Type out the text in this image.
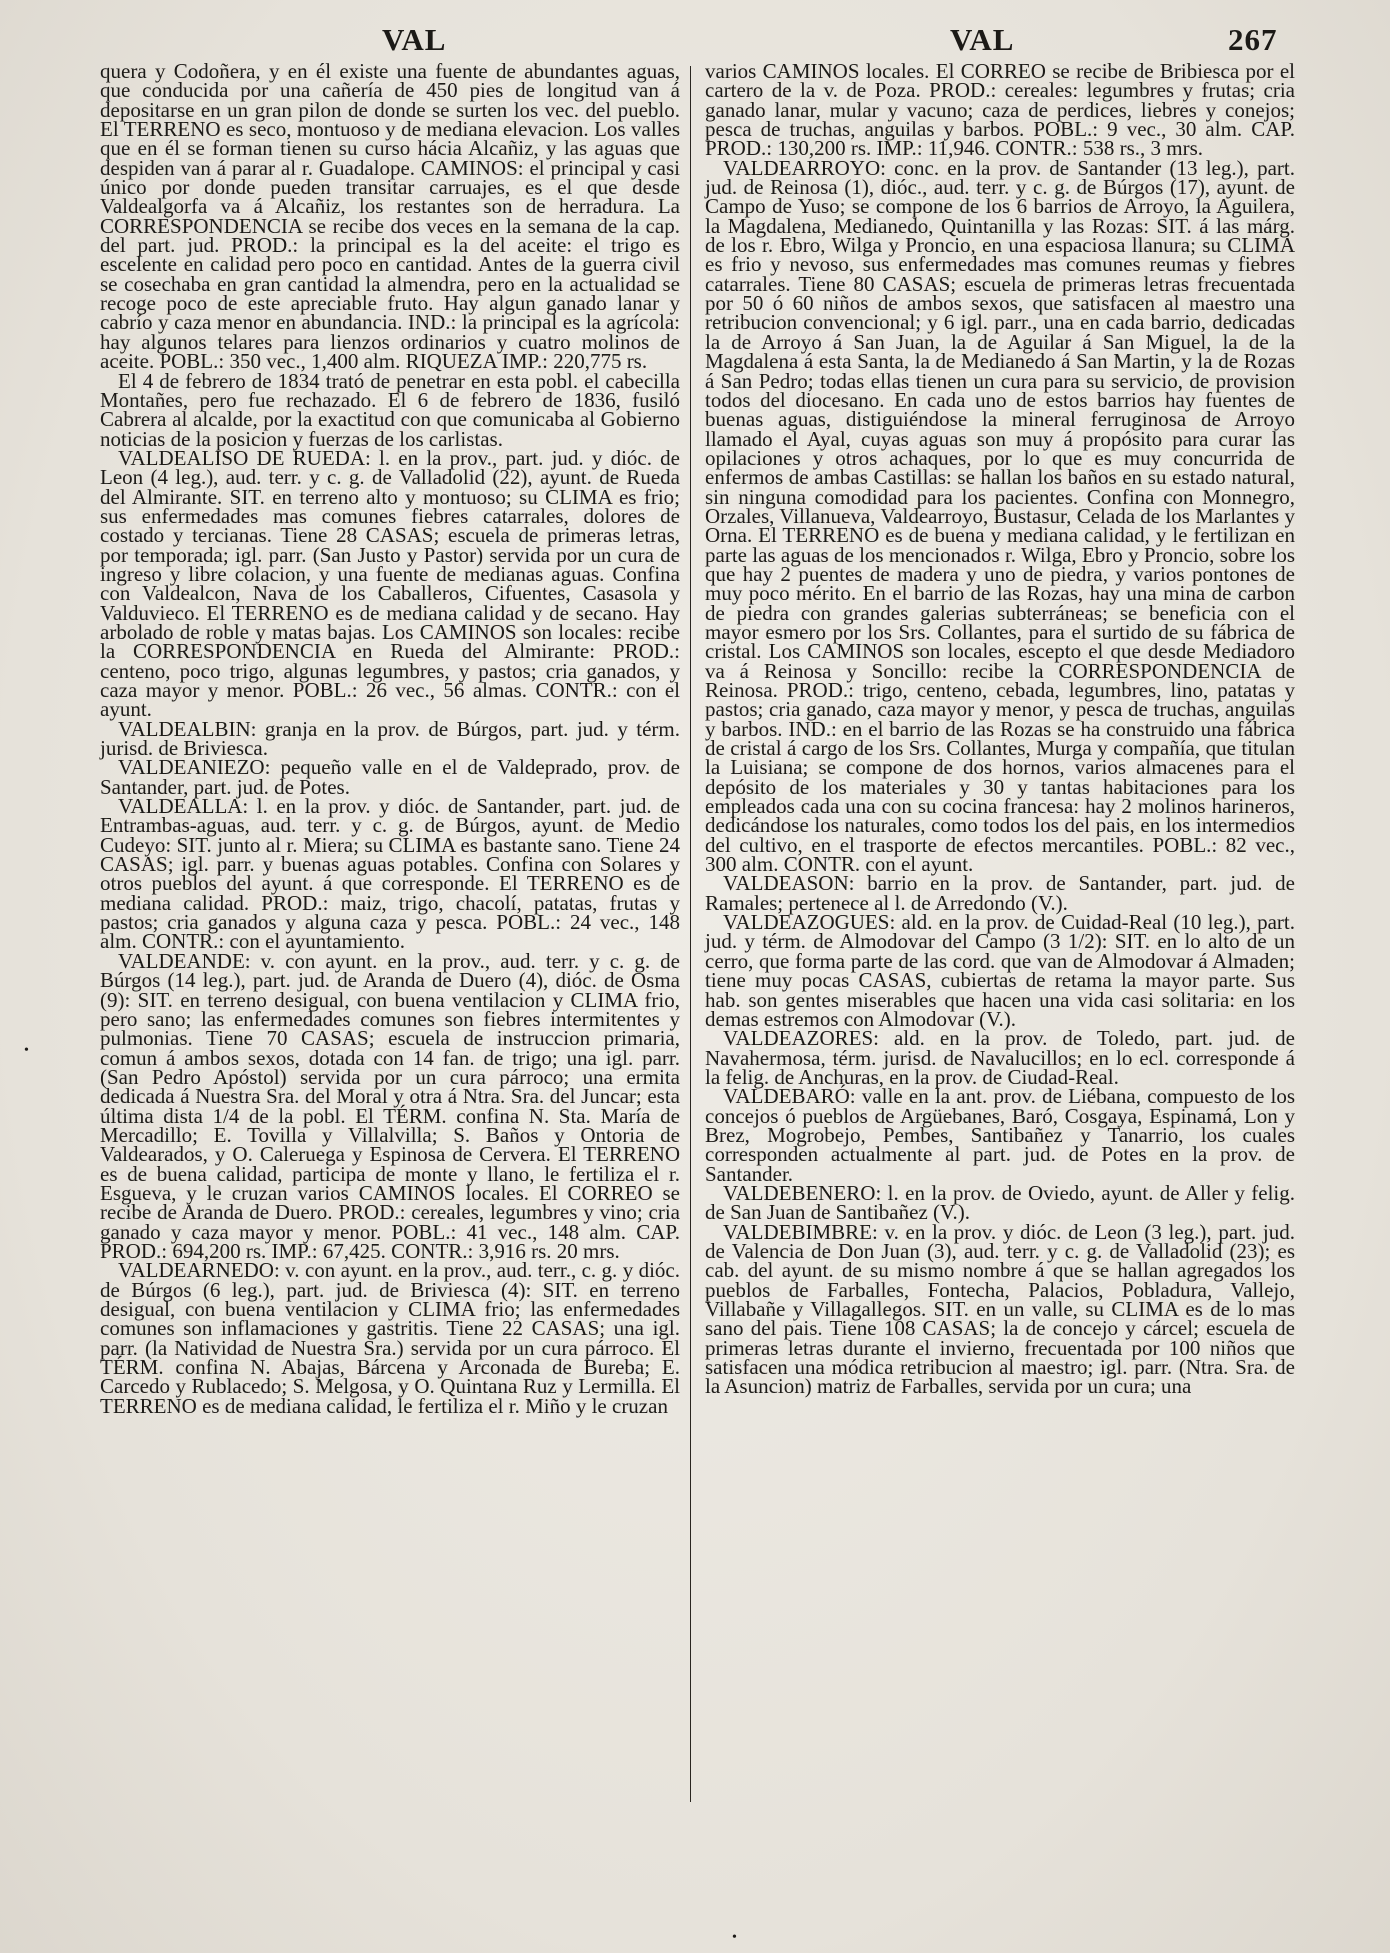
VAL	VAL	267

quera y Codoñera, y en él existe una fuente de abundantes aguas, que conducida por una cañería de 450 pies de longitud van á depositarse en un gran pilon de donde se surten los vec. del pueblo. El TERRENO es seco, montuoso y de mediana elevacion. Los valles que en él se forman tienen su curso hácia Alcañiz, y las aguas que despiden van á parar al r. Guadalope. CAMINOS: el principal y casi único por donde pueden transitar carruajes, es el que desde Valdealgorfa va á Alcañiz, los restantes son de herradura. La CORRESPONDENCIA se recibe dos veces en la semana de la cap. del part. jud. PROD.: la principal es la del aceite: el trigo es escelente en calidad pero poco en cantidad. Antes de la guerra civil se cosechaba en gran cantidad la almendra, pero en la actualidad se recoge poco de este apreciable fruto. Hay algun ganado lanar y cabrío y caza menor en abundancia. IND.: la principal es la agrícola: hay algunos telares para lienzos ordinarios y cuatro molinos de aceite. POBL.: 350 vec., 1,400 alm. RIQUEZA IMP.: 220,775 rs.

El 4 de febrero de 1834 trató de penetrar en esta pobl. el cabecilla Montañes, pero fue rechazado. El 6 de febrero de 1836, fusiló Cabrera al alcalde, por la exactitud con que comunicaba al Gobierno noticias de la posicion y fuerzas de los carlistas.

VALDEALISO DE RUEDA: l. en la prov., part. jud. y dióc. de Leon (4 leg.), aud. terr. y c. g. de Valladolid (22), ayunt. de Rueda del Almirante. SIT. en terreno alto y montuoso; su CLIMA es frio; sus enfermedades mas comunes fiebres catarrales, dolores de costado y tercianas. Tiene 28 CASAS; escuela de primeras letras, por temporada; igl. parr. (San Justo y Pastor) servida por un cura de ingreso y libre colacion, y una fuente de medianas aguas. Confina con Valdealcon, Nava de los Caballeros, Cifuentes, Casasola y Valduvieco. El TERRENO es de mediana calidad y de secano. Hay arbolado de roble y matas bajas. Los CAMINOS son locales: recibe la CORRESPONDENCIA en Rueda del Almirante: PROD.: centeno, poco trigo, algunas legumbres, y pastos; cria ganados, y caza mayor y menor. POBL.: 26 vec., 56 almas. CONTR.: con el ayunt.

VALDEALBIN: granja en la prov. de Búrgos, part. jud. y térm. jurisd. de Briviesca.

VALDEANIEZO: pequeño valle en el de Valdeprado, prov. de Santander, part. jud. de Potes.

VALDEALLA: l. en la prov. y dióc. de Santander, part. jud. de Entrambas-aguas, aud. terr. y c. g. de Búrgos, ayunt. de Medio Cudeyo: SIT. junto al r. Miera; su CLIMA es bastante sano. Tiene 24 CASAS; igl. parr. y buenas aguas potables. Confina con Solares y otros pueblos del ayunt. á que corresponde. El TERRENO es de mediana calidad. PROD.: maiz, trigo, chacolí, patatas, frutas y pastos; cria ganados y alguna caza y pesca. POBL.: 24 vec., 148 alm. CONTR.: con el ayuntamiento.

VALDEANDE: v. con ayunt. en la prov., aud. terr. y c. g. de Búrgos (14 leg.), part. jud. de Aranda de Duero (4), dióc. de Osma (9): SIT. en terreno desigual, con buena ventilacion y CLIMA frio, pero sano; las enfermedades comunes son fiebres intermitentes y pulmonias. Tiene 70 CASAS; escuela de instruccion primaria, comun á ambos sexos, dotada con 14 fan. de trigo; una igl. parr. (San Pedro Apóstol) servida por un cura párroco; una ermita dedicada á Nuestra Sra. del Moral y otra á Ntra. Sra. del Juncar; esta última dista 1/4 de la pobl. El TÉRM. confina N. Sta. María de Mercadillo; E. Tovilla y Villalvilla; S. Baños y Ontoria de Valdearados, y O. Caleruega y Espinosa de Cervera. El TERRENO es de buena calidad, participa de monte y llano, le fertiliza el r. Esgueva, y le cruzan varios CAMINOS locales. El CORREO se recibe de Aranda de Duero. PROD.: cereales, legumbres y vino; cria ganado y caza mayor y menor. POBL.: 41 vec., 148 alm. CAP. PROD.: 694,200 rs. IMP.: 67,425. CONTR.: 3,916 rs. 20 mrs.

VALDEARNEDO: v. con ayunt. en la prov., aud. terr., c. g. y dióc. de Búrgos (6 leg.), part. jud. de Briviesca (4): SIT. en terreno desigual, con buena ventilacion y CLIMA frio; las enfermedades comunes son inflamaciones y gastritis. Tiene 22 CASAS; una igl. parr. (la Natividad de Nuestra Sra.) servida por un cura párroco. El TÉRM. confina N. Abajas, Bárcena y Arconada de Bureba; E. Carcedo y Rublacedo; S. Melgosa, y O. Quintana Ruz y Lermilla. El TERRENO es de mediana calidad, le fertiliza el r. Miño y le cruzan

varios CAMINOS locales. El CORREO se recibe de Bribiesca por el cartero de la v. de Poza. PROD.: cereales: legumbres y frutas; cria ganado lanar, mular y vacuno; caza de perdices, liebres y conejos; pesca de truchas, anguilas y barbos. POBL.: 9 vec., 30 alm. CAP. PROD.: 130,200 rs. IMP.: 11,946. CONTR.: 538 rs., 3 mrs.

VALDEARROYO: conc. en la prov. de Santander (13 leg.), part. jud. de Reinosa (1), dióc., aud. terr. y c. g. de Búrgos (17), ayunt. de Campo de Yuso; se compone de los 6 barrios de Arroyo, la Aguilera, la Magdalena, Medianedo, Quintanilla y las Rozas: SIT. á las márg. de los r. Ebro, Wilga y Proncio, en una espaciosa llanura; su CLIMA es frio y nevoso, sus enfermedades mas comunes reumas y fiebres catarrales. Tiene 80 CASAS; escuela de primeras letras frecuentada por 50 ó 60 niños de ambos sexos, que satisfacen al maestro una retribucion convencional; y 6 igl. parr., una en cada barrio, dedicadas la de Arroyo á San Juan, la de Aguilar á San Miguel, la de la Magdalena á esta Santa, la de Medianedo á San Martin, y la de Rozas á San Pedro; todas ellas tienen un cura para su servicio, de provision todos del diocesano. En cada uno de estos barrios hay fuentes de buenas aguas, distiguiéndose la mineral ferruginosa de Arroyo llamado el Ayal, cuyas aguas son muy á propósito para curar las opilaciones y otros achaques, por lo que es muy concurrida de enfermos de ambas Castillas: se hallan los baños en su estado natural, sin ninguna comodidad para los pacientes. Confina con Monnegro, Orzales, Villanueva, Valdearroyo, Bustasur, Celada de los Marlantes y Orna. El TERRENO es de buena y mediana calidad, y le fertilizan en parte las aguas de los mencionados r. Wilga, Ebro y Proncio, sobre los que hay 2 puentes de madera y uno de piedra, y varios pontones de muy poco mérito. En el barrio de las Rozas, hay una mina de carbon de piedra con grandes galerias subterráneas; se beneficia con el mayor esmero por los Srs. Collantes, para el surtido de su fábrica de cristal. Los CAMINOS son locales, escepto el que desde Mediadoro va á Reinosa y Soncillo: recibe la CORRESPONDENCIA de Reinosa. PROD.: trigo, centeno, cebada, legumbres, lino, patatas y pastos; cria ganado, caza mayor y menor, y pesca de truchas, anguilas y barbos. IND.: en el barrio de las Rozas se ha construido una fábrica de cristal á cargo de los Srs. Collantes, Murga y compañía, que titulan la Luisiana; se compone de dos hornos, varios almacenes para el depósito de los materiales y 30 y tantas habitaciones para los empleados cada una con su cocina francesa: hay 2 molinos harineros, dedicándose los naturales, como todos los del pais, en los intermedios del cultivo, en el trasporte de efectos mercantiles. POBL.: 82 vec., 300 alm. CONTR. con el ayunt.

VALDEASON: barrio en la prov. de Santander, part. jud. de Ramales; pertenece al l. de Arredondo (V.).

VALDEAZOGUES: ald. en la prov. de Cuidad-Real (10 leg.), part. jud. y térm. de Almodovar del Campo (3 1/2): SIT. en lo alto de un cerro, que forma parte de las cord. que van de Almodovar á Almaden; tiene muy pocas CASAS, cubiertas de retama la mayor parte. Sus hab. son gentes miserables que hacen una vida casi solitaria: en los demas estremos con Almodovar (V.).

VALDEAZORES: ald. en la prov. de Toledo, part. jud. de Navahermosa, térm. jurisd. de Navalucillos; en lo ecl. corresponde á la felig. de Anchuras, en la prov. de Ciudad-Real.

VALDEBARÓ: valle en la ant. prov. de Liébana, compuesto de los concejos ó pueblos de Argüebanes, Baró, Cosgaya, Espinamá, Lon y Brez, Mogrobejo, Pembes, Santibañez y Tanarrio, los cuales corresponden actualmente al part. jud. de Potes en la prov. de Santander.

VALDEBENERO: l. en la prov. de Oviedo, ayunt. de Aller y felig. de San Juan de Santibañez (V.).

VALDEBIMBRE: v. en la prov. y dióc. de Leon (3 leg.), part. jud. de Valencia de Don Juan (3), aud. terr. y c. g. de Valladolid (23); es cab. del ayunt. de su mismo nombre á que se hallan agregados los pueblos de Farballes, Fontecha, Palacios, Pobladura, Vallejo, Villabañe y Villagallegos. SIT. en un valle, su CLIMA es de lo mas sano del pais. Tiene 108 CASAS; la de concejo y cárcel; escuela de primeras letras durante el invierno, frecuentada por 100 niños que satisfacen una módica retribucion al maestro; igl. parr. (Ntra. Sra. de la Asuncion) matriz de Farballes, servida por un cura; una

•
•
